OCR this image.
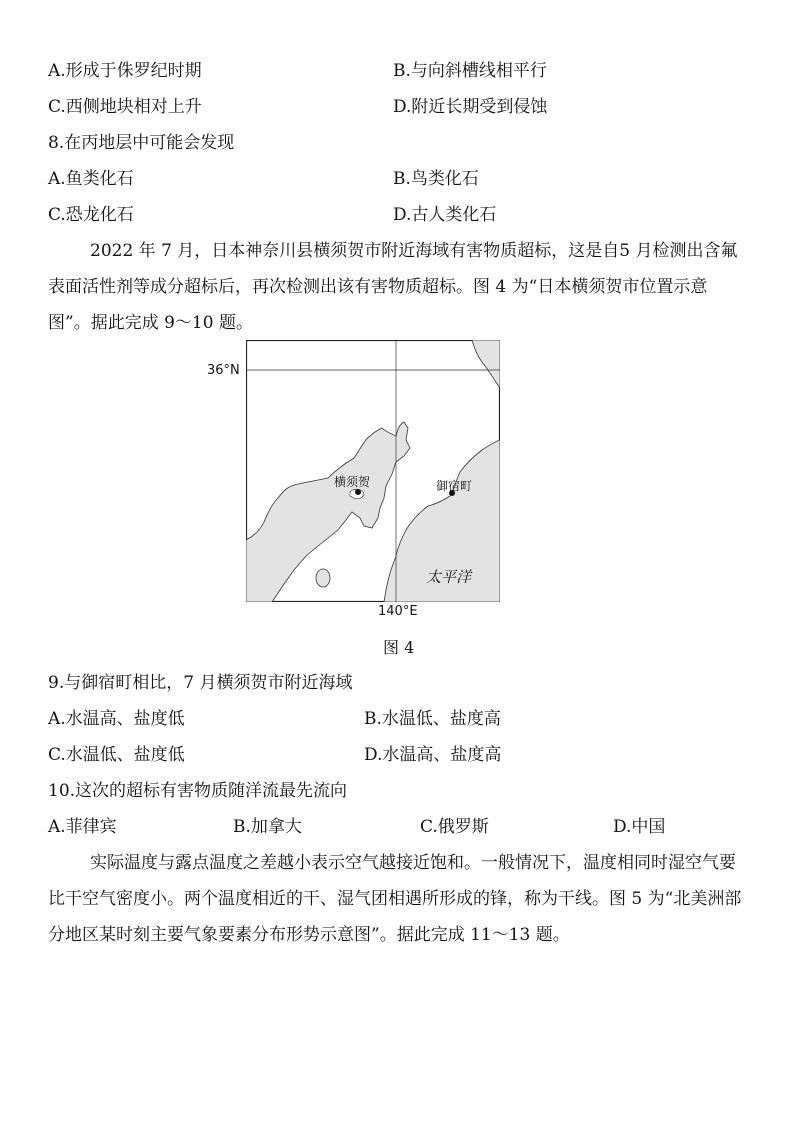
A.形成于侏罗纪时期	B.与向斜槽线相平行
C.西侧地块相对上升	D.附近长期受到侵蚀
8.在丙地层中可能会发现
A.鱼类化石	B.鸟类化石
C.恐龙化石	D.古人类化石
2022 年 7 月，日本神奈川县横须贺市附近海域有害物质超标，这是自5 月检测出含氟表面活性剂等成分超标后，再次检测出该有害物质超标。图 4 为“日本横须贺市位置示意图”。据此完成 9～10 题。
横须贺	御宿町
太平洋
36°N
140°E
图 4
9.与御宿町相比，7 月横须贺市附近海域
A.水温高、盐度低	B.水温低、盐度高
C.水温低、盐度低	D.水温高、盐度高
10.这次的超标有害物质随洋流最先流向
A.菲律宾	B.加拿大	C.俄罗斯	D.中国
实际温度与露点温度之差越小表示空气越接近饱和。一般情况下，温度相同时湿空气要 比干空气密度小。两个温度相近的干、湿气团相遇所形成的锋，称为干线。图 5 为“北美洲部分地区某时刻主要气象要素分布形势示意图”。据此完成 11～13 题。
